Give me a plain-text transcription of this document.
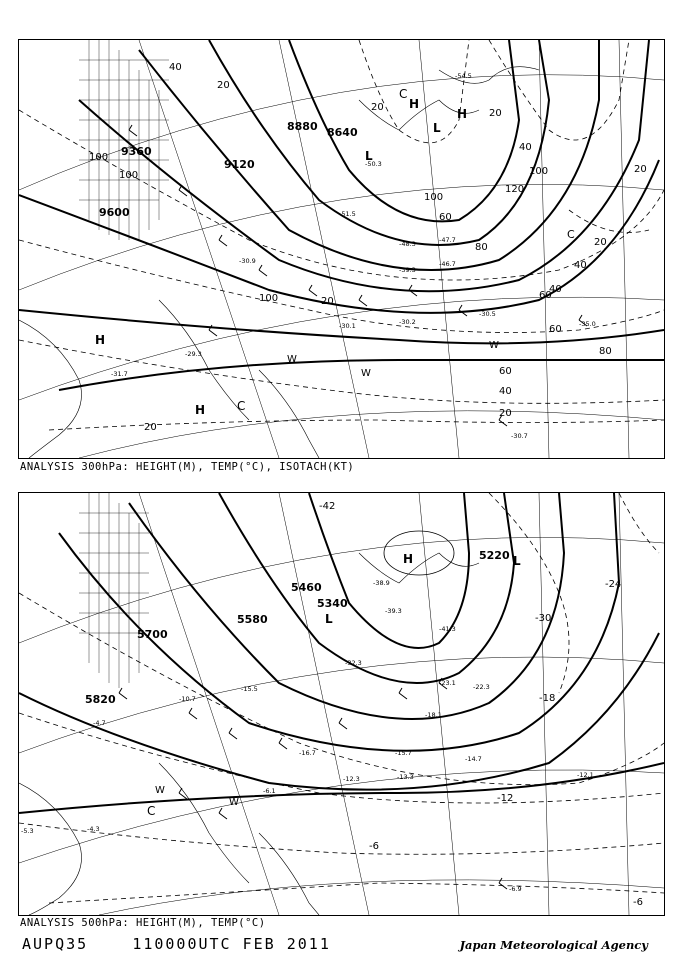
9600
9360
9120
8880 8640
40
20
100
100
20
60
100
80
60
40
20
120
100
80
60
40
20
100
20
40
20
60
40
20
20
-51.5
-50.3
-47.7
-46.7
-48.3
-39.3
-30.9
-30.1
-30.5
-30.2
-29.3
-31.7
-30.7
-35.0
-54.5
H
H	C
H
L
L
C
H
W
W
W
C
ANALYSIS 300hPa: HEIGHT(M), TEMP(°C), ISOTACH(KT)
5820
5700
5580
5460
5340
5220
-24
-30
-18
-12
-6
-6
-42
-38.9
-39.3
-41.3
-32.3
-23.1	-22.3
-18.1
-16.7	-15.7
-13.3
-14.7
-12.1
-10.7
-6.9
-4.3
-5.3
-4.7
-6.1
-15.5
-12.3
H	L
L
C
W
W
ANALYSIS 500hPa: HEIGHT(M), TEMP(°C)
AUPQ35	110000UTC FEB 2011	Japan Meteorological Agency
